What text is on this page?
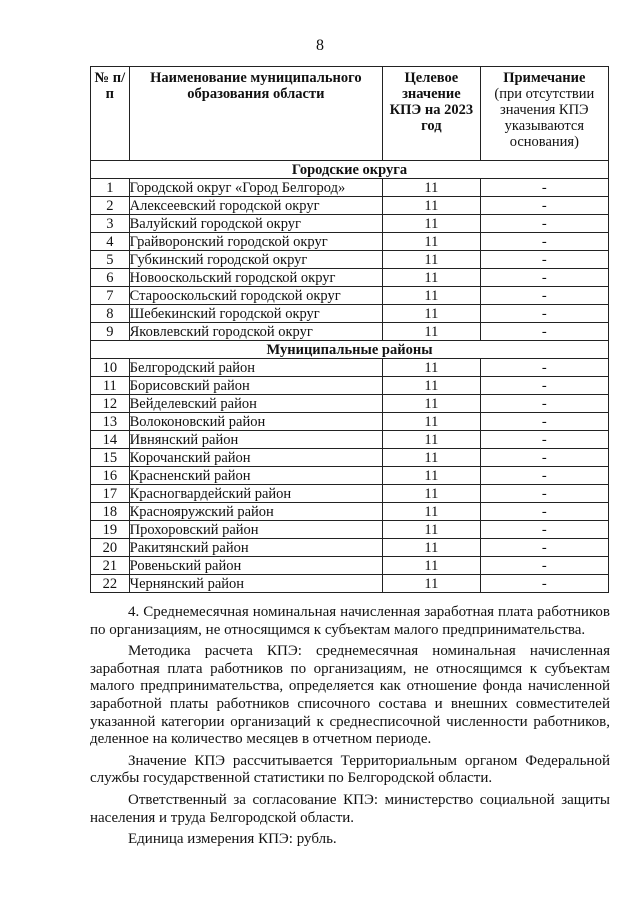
8
№ п/п	Наименование муниципального образования области	Целевое значение КПЭ на 2023 год	Примечание
(при отсутствии значения КПЭ указываются основания)
Городские округа			
1	Городской округ «Город Белгород»	11	-
2	Алексеевский городской округ	11	-
3	Валуйский городской округ	11	-
4	Грайворонский городской округ	11	-
5	Губкинский городской округ	11	-
6	Новооскольский городской округ	11	-
7	Старооскольский городской округ	11	-
8	Шебекинский городской округ	11	-
9	Яковлевский городской округ	11	-
Муниципальные районы			
10	Белгородский район	11	-
11	Борисовский район	11	-
12	Вейделевский район	11	-
13	Волоконовский район	11	-
14	Ивнянский район	11	-
15	Корочанский район	11	-
16	Красненский район	11	-
17	Красногвардейский район	11	-
18	Краснояружский район	11	-
19	Прохоровский район	11	-
20	Ракитянский район	11	-
21	Ровеньский район	11	-
22	Чернянский район	11	-

4. Среднемесячная номинальная начисленная заработная плата работников по организациям, не относящимся к субъектам малого предпринимательства.

Методика расчета КПЭ: среднемесячная номинальная начисленная заработная плата работников по организациям, не относящимся к субъектам малого предпринимательства, определяется как отношение фонда начисленной заработной платы работников списочного состава и внешних совместителей указанной категории организаций к среднесписочной численности работников, деленное на количество месяцев в отчетном периоде.

Значение КПЭ рассчитывается Территориальным органом Федеральной службы государственной статистики по Белгородской области.

Ответственный за согласование КПЭ: министерство социальной защиты населения и труда Белгородской области.

Единица измерения КПЭ: рубль.
